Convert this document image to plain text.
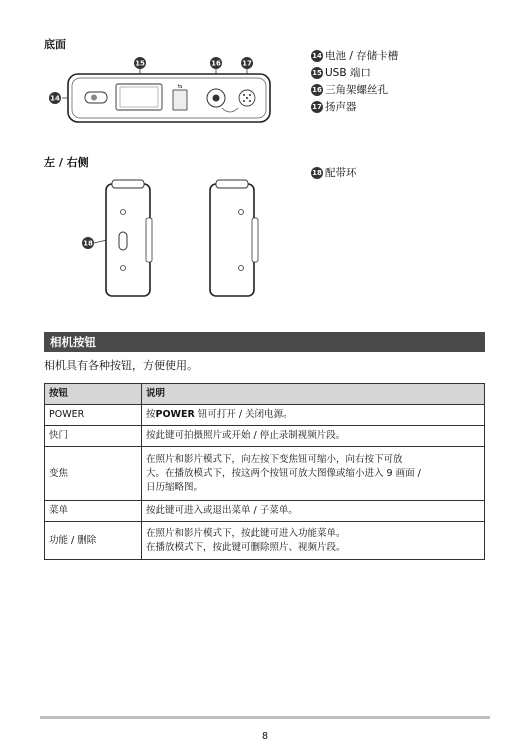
底面
15	16	17
14
⇆
14 电池 / 存储卡槽
15 USB 端口
16 三角架螺丝孔
17 扬声器
左 / 右侧
18 配带环
18
相机按钮
相机具有各种按钮，方便使用。
按钮	说明
POWER	按POWER 钮可打开 / 关闭电源。
快门	按此键可拍摄照片或开始 / 停止录制视频片段。
变焦	在照片和影片模式下，向左按下变焦钮可缩小，向右按下可放
大。在播放模式下，按这两个按钮可放大图像或缩小进入 9 画面 /
日历缩略图。

菜单	按此键可进入或退出菜单 / 子菜单。
功能 / 删除	在照片和影片模式下，按此键可进入功能菜单。
在播放模式下，按此键可删除照片、视频片段。
8
